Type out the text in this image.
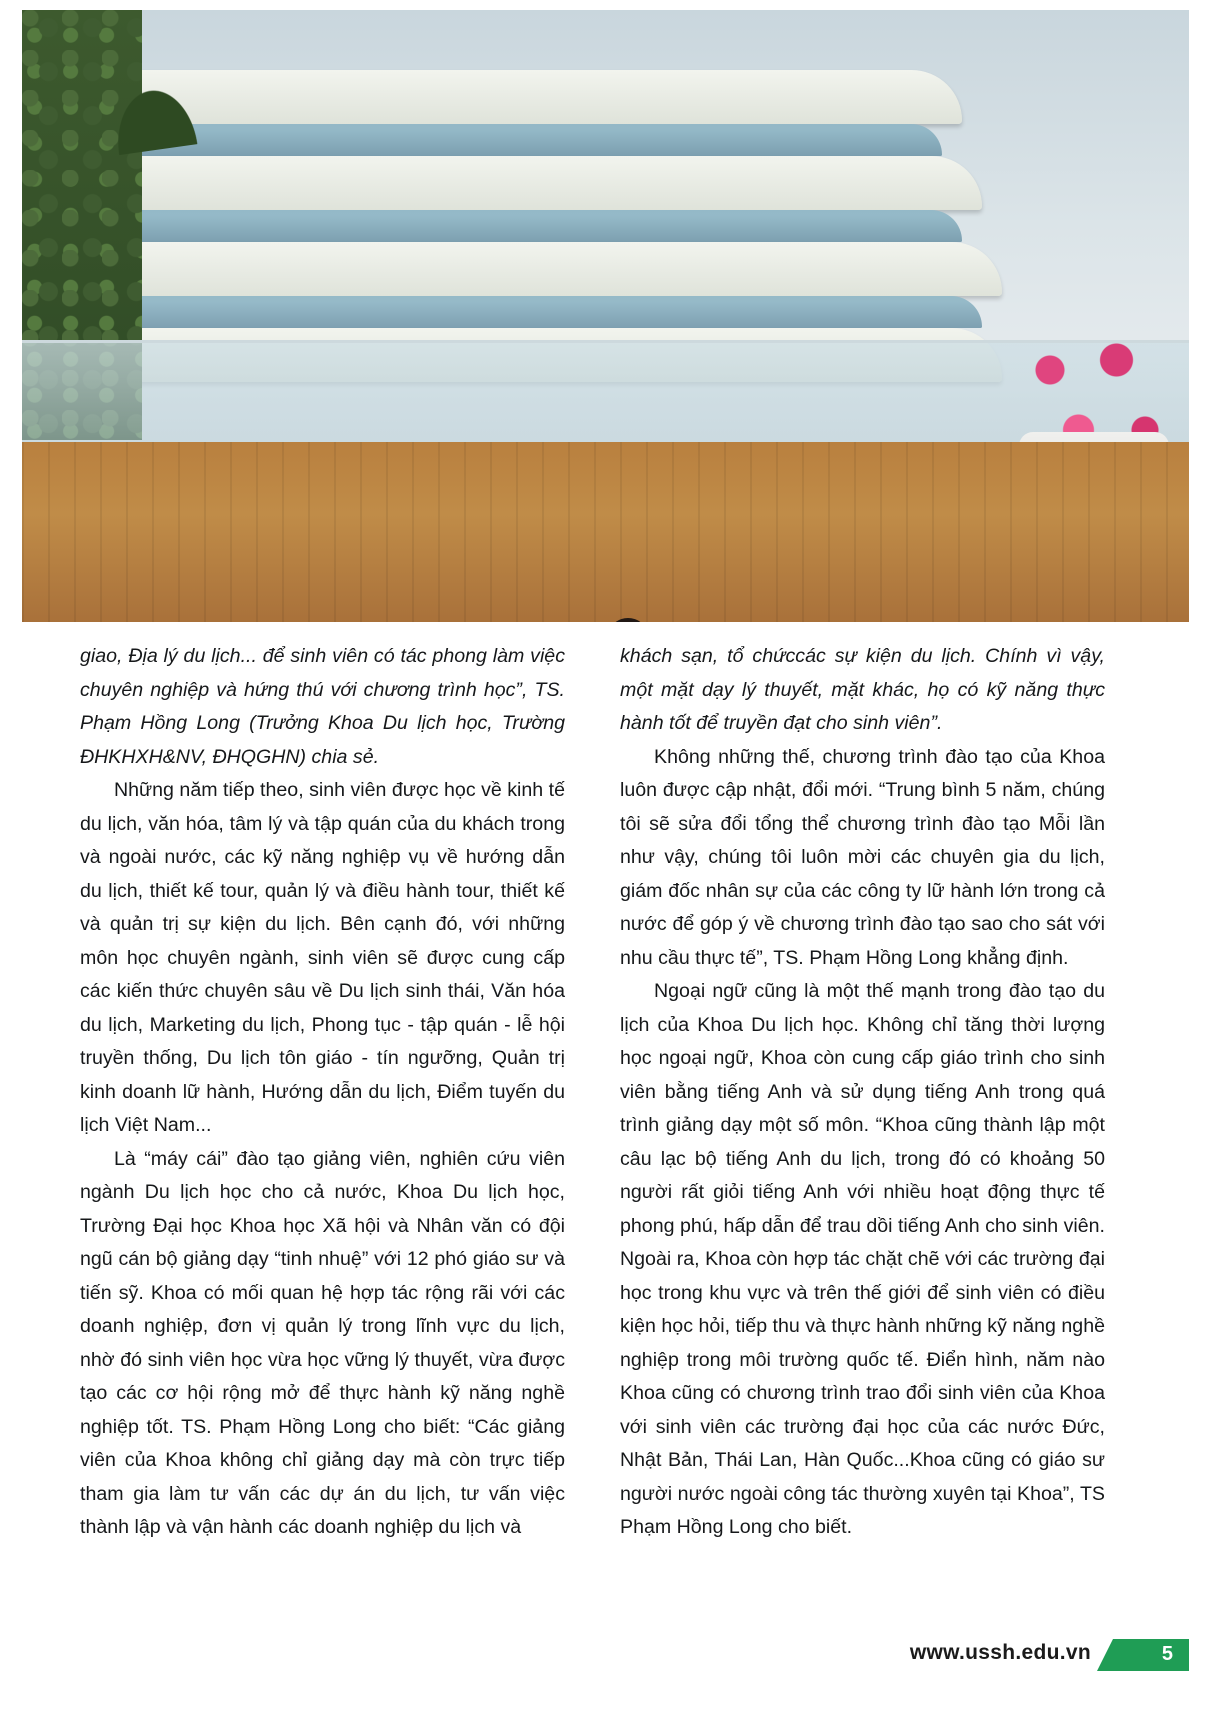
giao, Địa lý du lịch... để sinh viên có tác phong làm việc chuyên nghiệp và hứng thú với chương trình học”, TS. Phạm Hồng Long (Trưởng Khoa Du lịch học, Trường ĐHKHXH&NV, ĐHQGHN) chia sẻ.

Những năm tiếp theo, sinh viên được học về kinh tế du lịch, văn hóa, tâm lý và tập quán của du khách trong và ngoài nước, các kỹ năng nghiệp vụ về hướng dẫn du lịch, thiết kế tour, quản lý và điều hành tour, thiết kế và quản trị sự kiện du lịch. Bên cạnh đó, với những môn học chuyên ngành, sinh viên sẽ được cung cấp các kiến thức chuyên sâu về Du lịch sinh thái, Văn hóa du lịch, Marketing du lịch, Phong tục - tập quán - lễ hội truyền thống, Du lịch tôn giáo - tín ngưỡng, Quản trị kinh doanh lữ hành, Hướng dẫn du lịch, Điểm tuyến du lịch Việt Nam...

Là “máy cái” đào tạo giảng viên, nghiên cứu viên ngành Du lịch học cho cả nước, Khoa Du lịch học, Trường Đại học Khoa học Xã hội và Nhân văn có đội ngũ cán bộ giảng dạy “tinh nhuệ” với 12 phó giáo sư và tiến sỹ. Khoa có mối quan hệ hợp tác rộng rãi với các doanh nghiệp, đơn vị quản lý trong lĩnh vực du lịch, nhờ đó sinh viên học vừa học vững lý thuyết, vừa được tạo các cơ hội rộng mở để thực hành kỹ năng nghề nghiệp tốt. TS. Phạm Hồng Long cho biết: “Các giảng viên của Khoa không chỉ giảng dạy mà còn trực tiếp tham gia làm tư vấn các dự án du lịch, tư vấn việc thành lập và vận hành các doanh nghiệp du lịch và

khách sạn, tổ chứccác sự kiện du lịch. Chính vì vậy, một mặt dạy lý thuyết, mặt khác, họ có kỹ năng thực hành tốt để truyền đạt cho sinh viên”.

Không những thế, chương trình đào tạo của Khoa luôn được cập nhật, đổi mới. “Trung bình 5 năm, chúng tôi sẽ sửa đổi tổng thể chương trình đào tạo Mỗi lần như vậy, chúng tôi luôn mời các chuyên gia du lịch, giám đốc nhân sự của các công ty lữ hành lớn trong cả nước để góp ý về chương trình đào tạo sao cho sát với nhu cầu thực tế”, TS. Phạm Hồng Long khẳng định.

Ngoại ngữ cũng là một thế mạnh trong đào tạo du lịch của Khoa Du lịch học. Không chỉ tăng thời lượng học ngoại ngữ, Khoa còn cung cấp giáo trình cho sinh viên bằng tiếng Anh và sử dụng tiếng Anh trong quá trình giảng dạy một số môn. “Khoa cũng thành lập một câu lạc bộ tiếng Anh du lịch, trong đó có khoảng 50 người rất giỏi tiếng Anh với nhiều hoạt động thực tế phong phú, hấp dẫn để trau dồi tiếng Anh cho sinh viên. Ngoài ra, Khoa còn hợp tác chặt chẽ với các trường đại học trong khu vực và trên thế giới để sinh viên có điều kiện học hỏi, tiếp thu và thực hành những kỹ năng nghề nghiệp trong môi trường quốc tế. Điển hình, năm nào Khoa cũng có chương trình trao đổi sinh viên của Khoa với sinh viên các trường đại học của các nước Đức, Nhật Bản, Thái Lan, Hàn Quốc...Khoa cũng có giáo sư người nước ngoài công tác thường xuyên tại Khoa”, TS Phạm Hồng Long cho biết.

www.ussh.edu.vn	5
